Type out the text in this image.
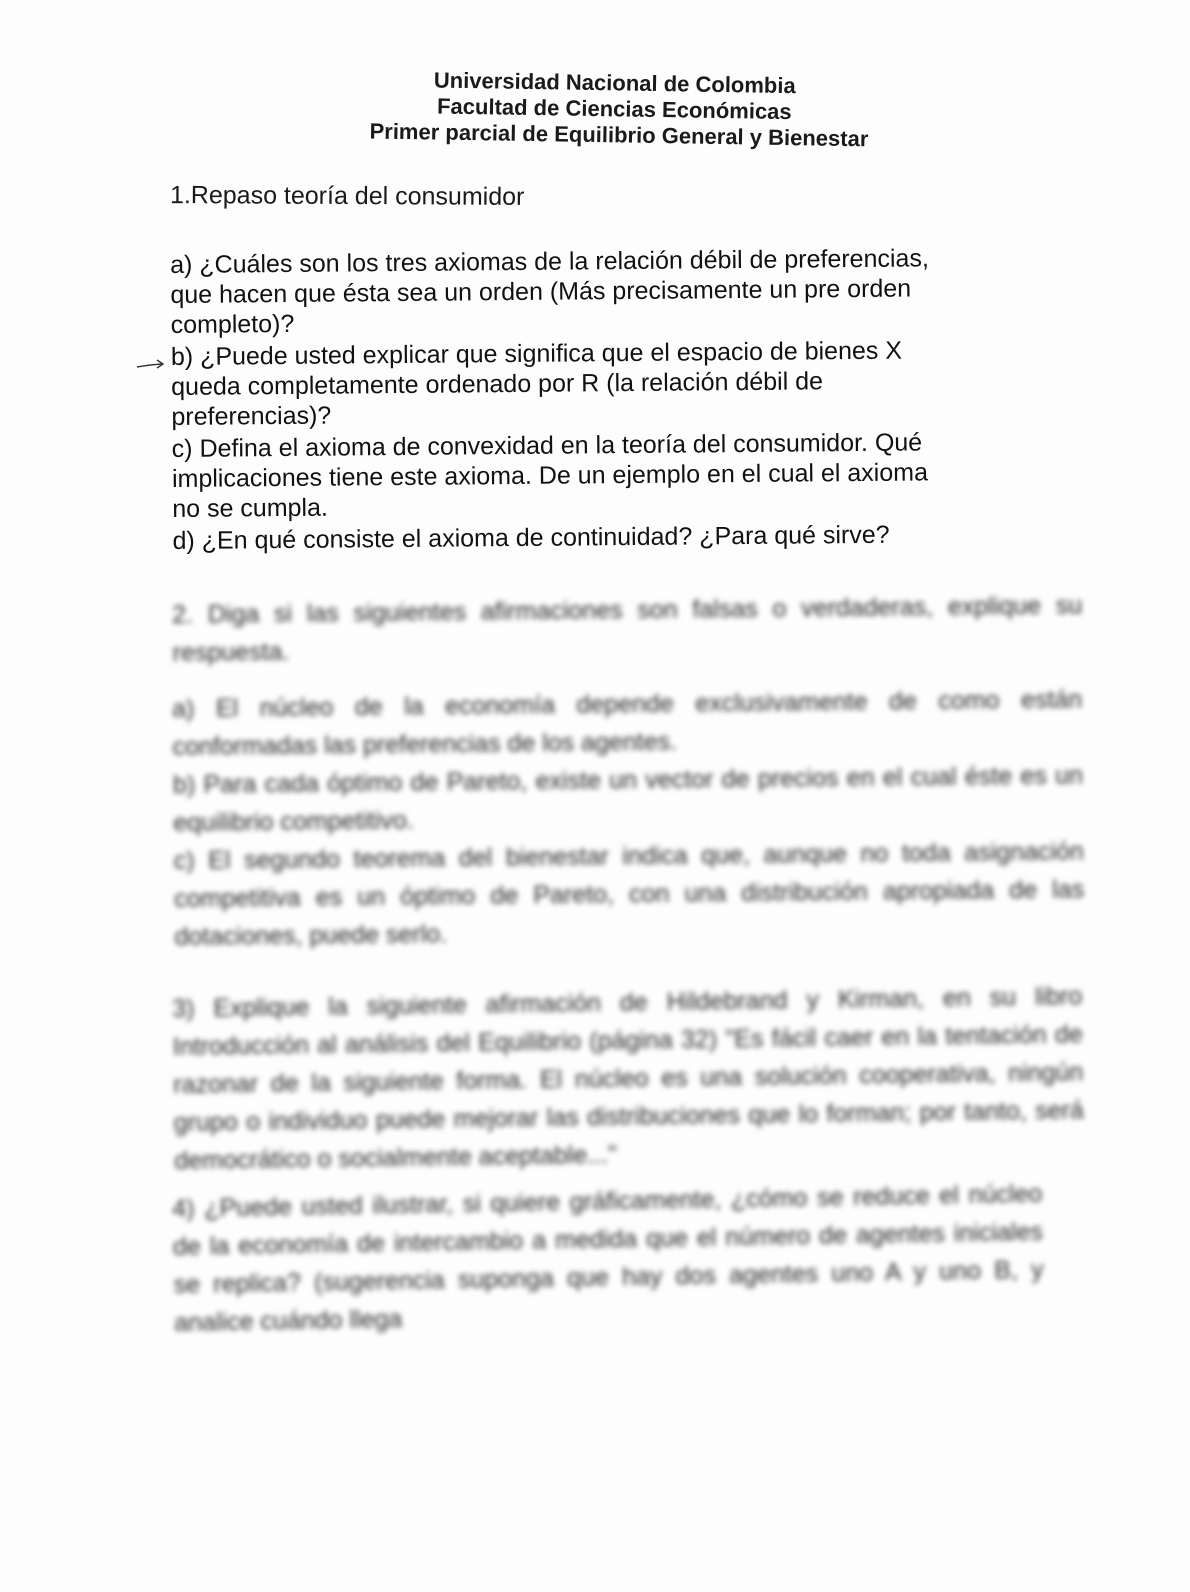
Universidad Nacional de Colombia
Facultad de Ciencias Económicas
Primer parcial de Equilibrio General y Bienestar
1.Repaso teoría del consumidor

a) ¿Cuáles son los tres axiomas de la relación débil de preferencias,
que hacen que ésta sea un orden (Más precisamente un pre orden
completo)?

b) ¿Puede usted explicar que significa que el espacio de bienes X
queda completamente ordenado por R (la relación débil de
preferencias)?

c) Defina el axioma de convexidad en la teoría del consumidor. Qué
implicaciones tiene este axioma. De un ejemplo en el cual el axioma
no se cumpla.

d) ¿En qué consiste el axioma de continuidad? ¿Para qué sirve?

2. Diga si las siguientes afirmaciones son falsas o verdaderas, explique su respuesta.

a) El núcleo de la economía depende exclusivamente de como están conformadas las preferencias de los agentes.

b) Para cada óptimo de Pareto, existe un vector de precios en el cual éste es un equilibrio competitivo.

c) El segundo teorema del bienestar indica que, aunque no toda asignación competitiva es un óptimo de Pareto, con una distribución apropiada de las dotaciones, puede serlo.

3) Explique la siguiente afirmación de Hildebrand y Kirman, en su libro Introducción al análisis del Equilibrio (página 32) "Es fácil caer en la tentación de razonar de la siguiente forma. El núcleo es una solución cooperativa, ningún grupo o individuo puede mejorar las distribuciones que lo forman; por tanto, será democrático o socialmente aceptable..."

4) ¿Puede usted ilustrar, si quiere gráficamente, ¿cómo se reduce el núcleo de la economía de intercambio a medida que el número de agentes iniciales se replica? (sugerencia suponga que hay dos agentes uno A y uno B, y analice cuándo llega
